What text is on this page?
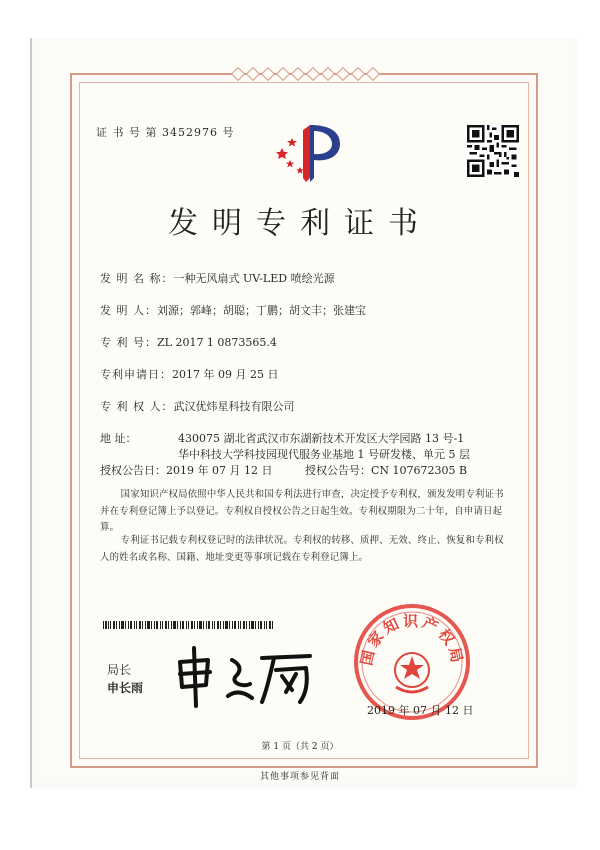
证 书 号 第 3452976 号
发明专利证书
发 明 名 称：一种无风扇式 UV-LED 喷绘光源
发 明 人：刘源；郭峰；胡聪；丁鹏；胡文丰；张建宝
专 利 号：ZL 2017 1 0873565.4
专利申请日：2017 年 09 月 25 日
专 利 权 人：武汉优炜星科技有限公司
地 址：	430075 湖北省武汉市东湖新技术开发区大学园路 13 号-1
华中科技大学科技园现代服务业基地 1 号研发楼、单元 5 层
授权公告日：2019 年 07 月 12 日	授权公告号：CN 107672305 B
国家知识产权局依照中华人民共和国专利法进行审查，决定授予专利权，颁发发明专利证书并在专利登记簿上予以登记。专利权自授权公告之日起生效。专利权期限为二十年，自申请日起算。
专利证书记载专利权登记时的法律状况。专利权的转移、质押、无效、终止、恢复和专利权人的姓名或名称、国籍、地址变更等事项记载在专利登记簿上。
局长
申长雨
国家知识产权局
2019 年 07 月 12 日
第 1 页（共 2 页）
其他事项参见背面
